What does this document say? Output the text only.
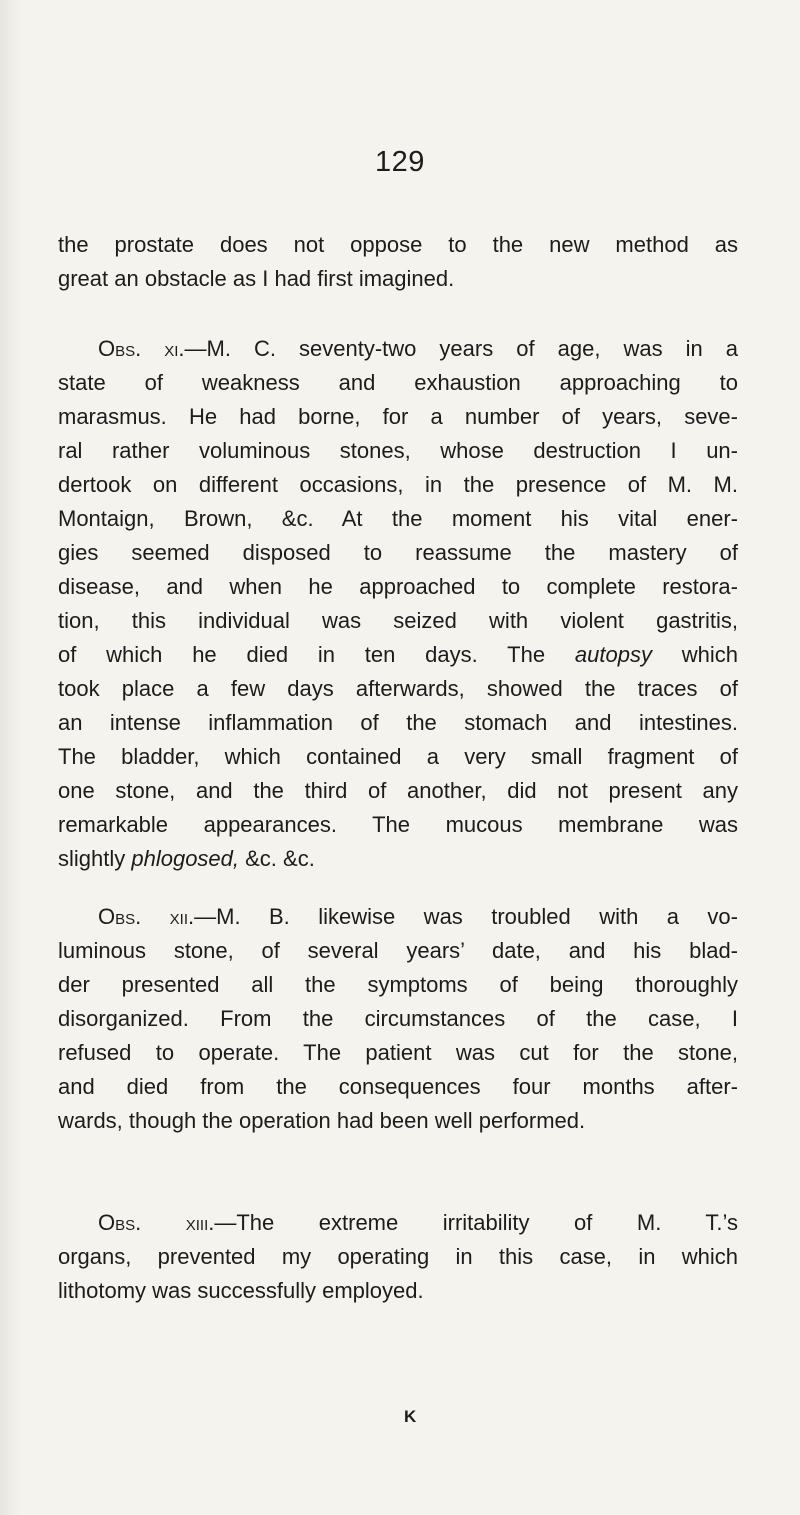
129
the prostate does not oppose to the new method as
great an obstacle as I had first imagined.
Obs. xi.—M. C. seventy-two years of age, was in a
state of weakness and exhaustion approaching to
marasmus. He had borne, for a number of years, seve-
ral rather voluminous stones, whose destruction I un-
dertook on different occasions, in the presence of M. M.
Montaign, Brown, &c. At the moment his vital ener-
gies seemed disposed to reassume the mastery of
disease, and when he approached to complete restora-
tion, this individual was seized with violent gastritis,
of which he died in ten days. The autopsy which
took place a few days afterwards, showed the traces of
an intense inflammation of the stomach and intestines.
The bladder, which contained a very small fragment of
one stone, and the third of another, did not present any
remarkable appearances. The mucous membrane was
slightly phlogosed, &c. &c.
Obs. xii.—M. B. likewise was troubled with a vo-
luminous stone, of several years’ date, and his blad-
der presented all the symptoms of being thoroughly
disorganized. From the circumstances of the case, I
refused to operate. The patient was cut for the stone,
and died from the consequences four months after-
wards, though the operation had been well performed.
Obs. xiii.—The extreme irritability of M. T.’s
organs, prevented my operating in this case, in which
lithotomy was successfully employed.
K
